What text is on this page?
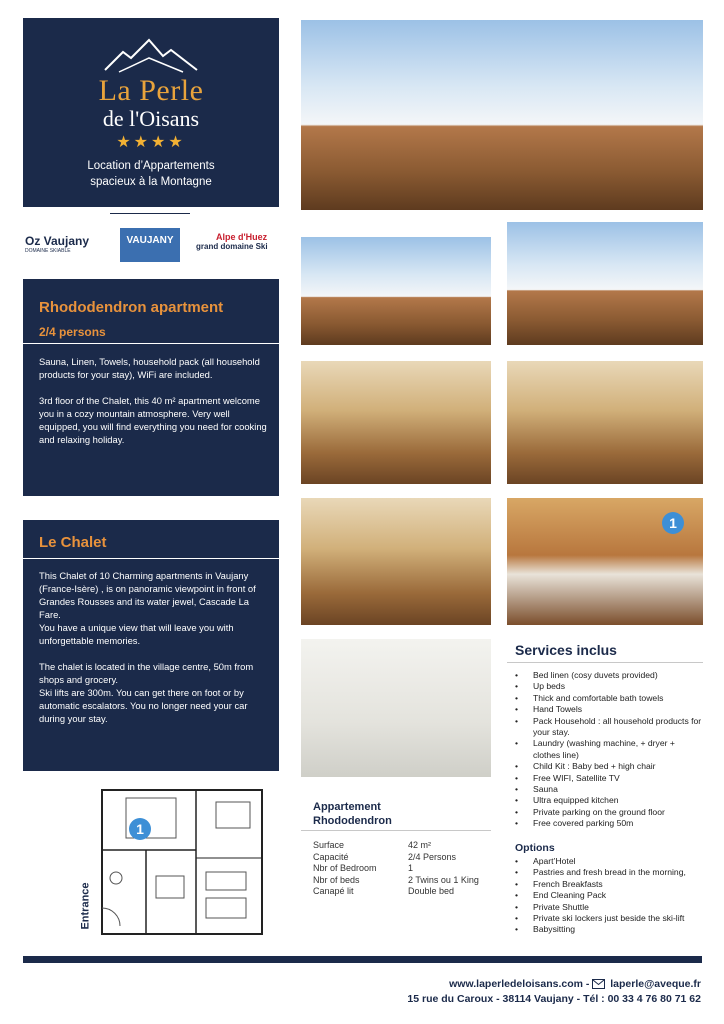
La Perle
de l'Oisans
★★★★
Location d’Appartements
spacieux à la Montagne
Oz Vaujany
DOMAINE SKIABLE
VAUJANY	Alpe d'Huez
grand domaine Ski
Rhododendron apartment
2/4 persons
Sauna, Linen, Towels, household pack (all household products for your stay), WiFi are included.

3rd floor of the Chalet, this 40 m² apartment welcome you in a cozy mountain atmosphere. Very well equipped, you will find everything you need for cooking and relaxing holiday.
Le Chalet
This Chalet of 10 Charming apartments in Vaujany (France-Isère) , is on panoramic viewpoint in front of Grandes Rousses and its water jewel, Cascade La Fare.
You have a unique view that will leave you with unforgettable memories.

The chalet is located in the village centre, 50m from shops and grocery.
Ski lifts are 300m. You can get there on foot or by automatic escalators. You no longer need your car during your stay.
1
Services inclus
• Bed linen (cosy duvets provided)
• Up beds
• Thick and comfortable bath towels
• Hand Towels
• Pack Household : all household products for your stay.
• Laundry (washing machine, + dryer + clothes line)
• Child Kit : Baby bed + high chair
• Free WIFI, Satellite TV
• Sauna
• Ultra equipped kitchen
• Private parking on the ground floor
• Free covered parking 50m
Options
• Apart’Hotel
• Pastries and fresh bread in the morning,
• French Breakfasts
• End Cleaning Pack
• Private Shuttle
• Private ski lockers just beside the ski-lift
• Babysitting
1
Entrance
Appartement Rhododendron
Surface
Capacité
Nbr of Bedroom
Nbr of beds
Canapé lit
42 m²
2/4 Persons
1
2 Twins ou 1 King
Double bed
www.laperledeloisans.com -
laperle@aveque.fr
15 rue du Caroux - 38114 Vaujany - Tél : 00 33 4 76 80 71 62
